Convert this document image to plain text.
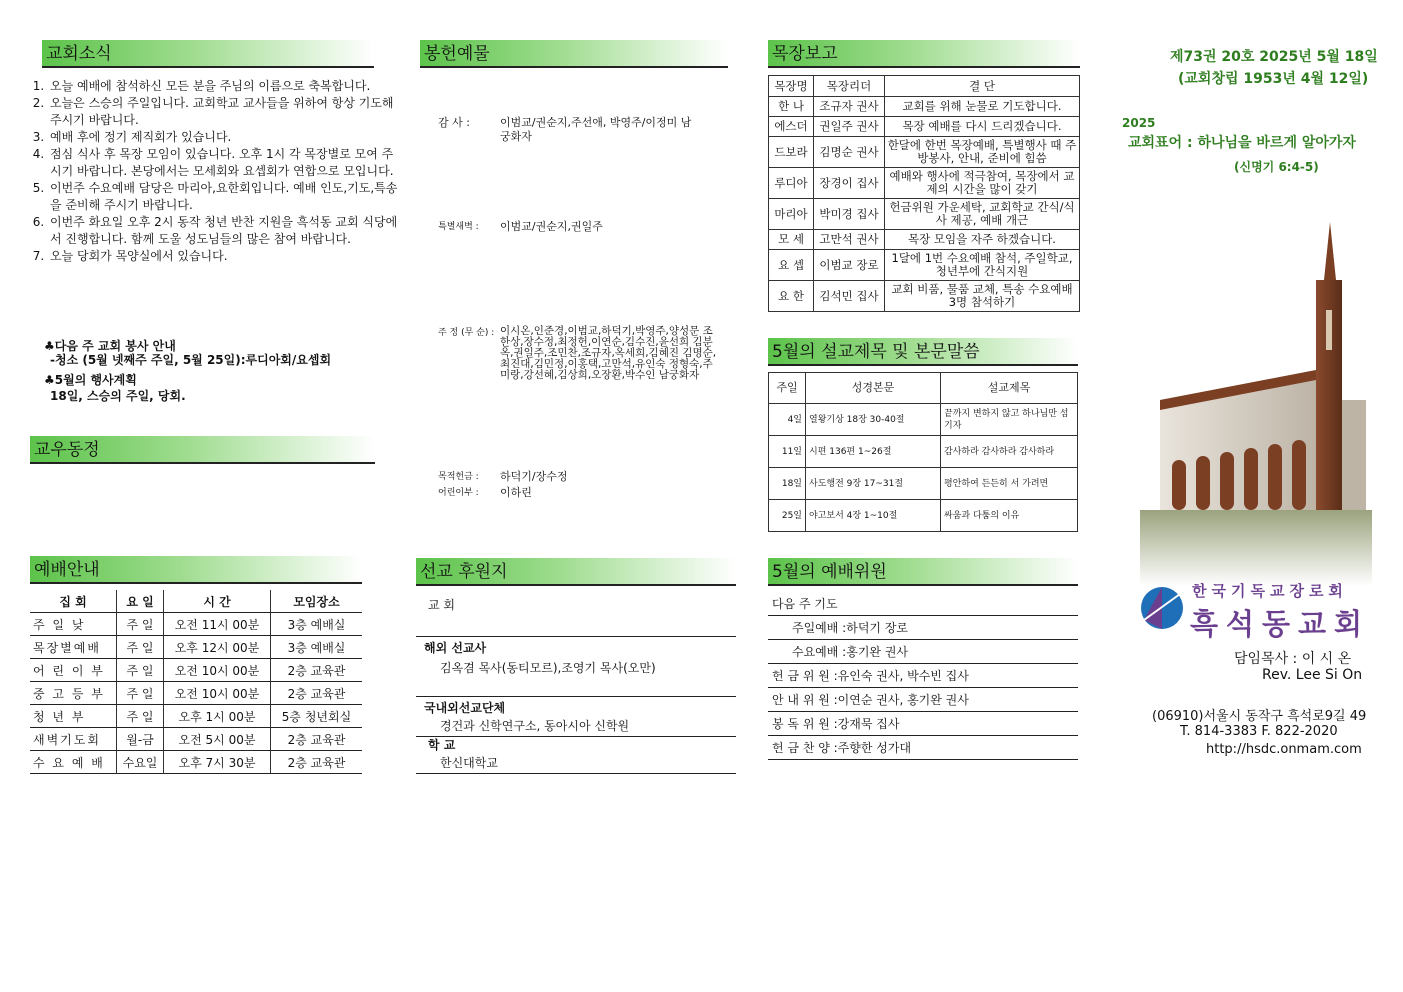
교회소식
1. 오늘 예배에 참석하신 모든 분을 주님의 이름으로 축복합니다.
2. 오늘은 스승의 주일입니다. 교회학교 교사들을 위하여 항상 기도해 주시기 바랍니다.
3. 예배 후에 정기 제직회가 있습니다.
4. 점심 식사 후 목장 모임이 있습니다. 오후 1시 각 목장별로 모여 주시기 바랍니다. 본당에서는 모세회와 요셉회가 연합으로 모입니다.
5. 이번주 수요예배 담당은 마리아,요한회입니다. 예배 인도,기도,특송을 준비해 주시기 바랍니다.
6. 이번주 화요일 오후 2시 동작 청년 반찬 지원을 흑석동 교회 식당에서 진행합니다. 함께 도울 성도님들의 많은 참여 바랍니다.
7. 오늘 당회가 목양실에서 있습니다.
♣다음 주 교회 봉사 안내
-청소 (5월 넷째주 주일, 5월 25일):루디아회/요셉회
♣5월의 행사계획
18일, 스승의 주일, 당회.
교우동정
예배안내
집 회	요 일	시 간	모임장소
주 일 낮	주 일	오전 11시 00분	3층 예배실
목장별예배	주 일	오후 12시 00분	3층 예배실
어 린 이 부	주 일	오전 10시 00분	2층 교육관
중 고 등 부	주 일	오전 10시 00분	2층 교육관
청 년 부	주 일	오후 1시 00분	5층 청년회실
새벽기도회	월-금	오전 5시 00분	2층 교육관
수 요 예 배	수요일	오후 7시 30분	2층 교육관
봉헌예물
감 사 :	이범교/권순지,주선애, 박영주/이정미 남궁화자
특별새벽 :	이범교/권순지,권일주
주 정 (무 순) : 이시온,인준경,이범교,하덕기,박영주,양성문 조한상,장수정,최정헌,이연순,김수진,윤선희 김분옥,권일주,조민찬,조규자,옥세희,김혜진 김명순,최진대,김민정,이홍택,고만석,유인숙 정형숙,주미랑,강선혜,김상희,오장환,박수인 남궁화자
목적헌금 :	하덕기/장수정
어린이부 :	이하린
선교 후원지
교 회
해외 선교사
김옥겸 목사(동티모르),조영기 목사(오만)
국내외선교단체
경건과 신학연구소, 동아시아 신학원
학 교
한신대학교
목장보고
목장명	목장리더	결 단
한 나	조규자 권사	교회를 위해 눈물로 기도합니다.
에스더	권일주 권사	목장 예배를 다시 드리겠습니다.
드보라	김명순 권사	한달에 한번 목장예배, 특별행사 때 주방봉사, 안내, 준비에 힘씀
루디아	장경이 집사	예배와 행사에 적극참여, 목장에서 교제의 시간을 많이 갖기
마리아	박미경 집사	헌금위원 가운세탁, 교회학교 간식/식사 제공, 예배 개근
모 세	고만석 권사	목장 모임을 자주 하겠습니다.
요 셉	이범교 장로	1달에 1번 수요예배 참석, 주일학교, 청년부에 간식지원
요 한	김석민 집사	교회 비품, 물품 교체, 특송 수요예배 3명 참석하기
5월의 설교제목 및 본문말씀
주일	성경본문	설교제목
4일	열왕기상 18장 30-40절	끝까지 변하지 않고 하나님만 섬기자
11일	시편 136편 1~26절	감사하라 감사하라 감사하라
18일	사도행전 9장 17~31절	평안하여 든든히 서 가려면
25일	야고보서 4장 1~10절	싸움과 다툼의 이유
5월의 예배위원
다음 주 기도
주일예배 :하덕기 장로
수요예배 :홍기완 권사
헌 금 위 원 :유인숙 권사, 박수빈 집사
안 내 위 원 :이연순 권사, 홍기완 권사
봉 독 위 원 :강재묵 집사
헌 금 찬 양 :주향한 성가대
제73권 20호 2025년 5월 18일
(교회창립 1953년 4월 12일)
2025
교회표어 : 하나님을 바르게 알아가자
(신명기 6:4-5)
한국기독교장로회
흑석동교회
담임목사 : 이 시 온
Rev. Lee Si On
(06910)서울시 동작구 흑석로9길 49
T. 814-3383 F. 822-2020
http://hsdc.onmam.com
